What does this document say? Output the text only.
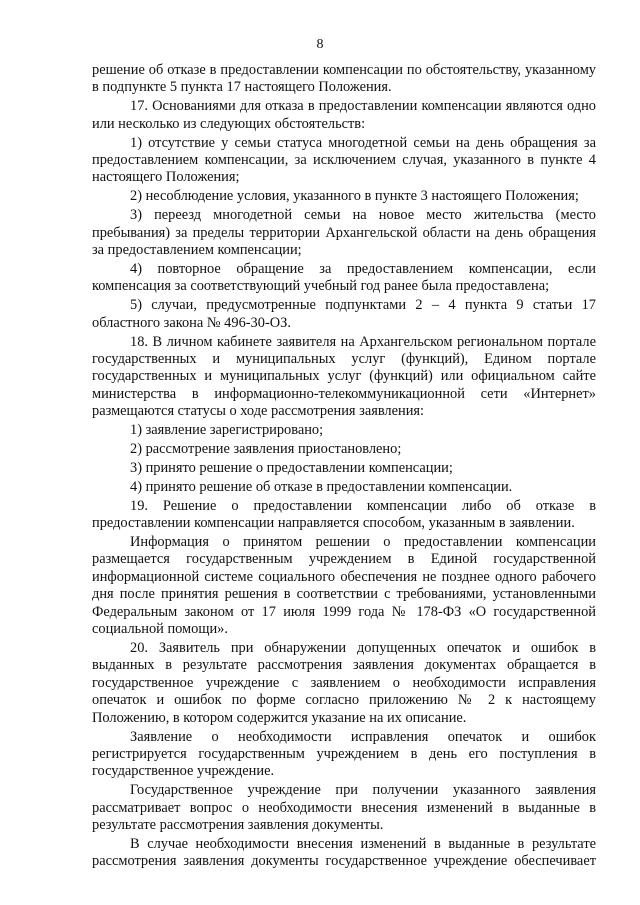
8

решение об отказе в предоставлении компенсации по обстоятельству, указанному в подпункте 5 пункта 17 настоящего Положения.

17. Основаниями для отказа в предоставлении компенсации являются одно или несколько из следующих обстоятельств:

1) отсутствие у семьи статуса многодетной семьи на день обращения за предоставлением компенсации, за исключением случая, указанного в пункте 4 настоящего Положения;

2) несоблюдение условия, указанного в пункте 3 настоящего Положения;

3) переезд многодетной семьи на новое место жительства (место пребывания) за пределы территории Архангельской области на день обращения за предоставлением компенсации;

4) повторное обращение за предоставлением компенсации, если компенсация за соответствующий учебный год ранее была предоставлена;

5) случаи, предусмотренные подпунктами 2 – 4 пункта 9 статьи 17 областного закона № 496-30-ОЗ.

18. В личном кабинете заявителя на Архангельском региональном портале государственных и муниципальных услуг (функций), Едином портале государственных и муниципальных услуг (функций) или официальном сайте министерства в информационно-телекоммуникационной сети «Интернет» размещаются статусы о ходе рассмотрения заявления:

1) заявление зарегистрировано;

2) рассмотрение заявления приостановлено;

3) принято решение о предоставлении компенсации;

4) принято решение об отказе в предоставлении компенсации.

19. Решение о предоставлении компенсации либо об отказе в предоставлении компенсации направляется способом, указанным в заявлении.

Информация о принятом решении о предоставлении компенсации размещается государственным учреждением в Единой государственной информационной системе социального обеспечения не позднее одного рабочего дня после принятия решения в соответствии с требованиями, установленными Федеральным законом от 17 июля 1999 года № 178-ФЗ «О государственной социальной помощи».

20. Заявитель при обнаружении допущенных опечаток и ошибок в выданных в результате рассмотрения заявления документах обращается в государственное учреждение с заявлением о необходимости исправления опечаток и ошибок по форме согласно приложению № 2 к настоящему Положению, в котором содержится указание на их описание.

Заявление о необходимости исправления опечаток и ошибок регистрируется государственным учреждением в день его поступления в государственное учреждение.

Государственное учреждение при получении указанного заявления рассматривает вопрос о необходимости внесения изменений в выданные в результате рассмотрения заявления документы.

В случае необходимости внесения изменений в выданные в результате рассмотрения заявления документы государственное учреждение обеспечивает
